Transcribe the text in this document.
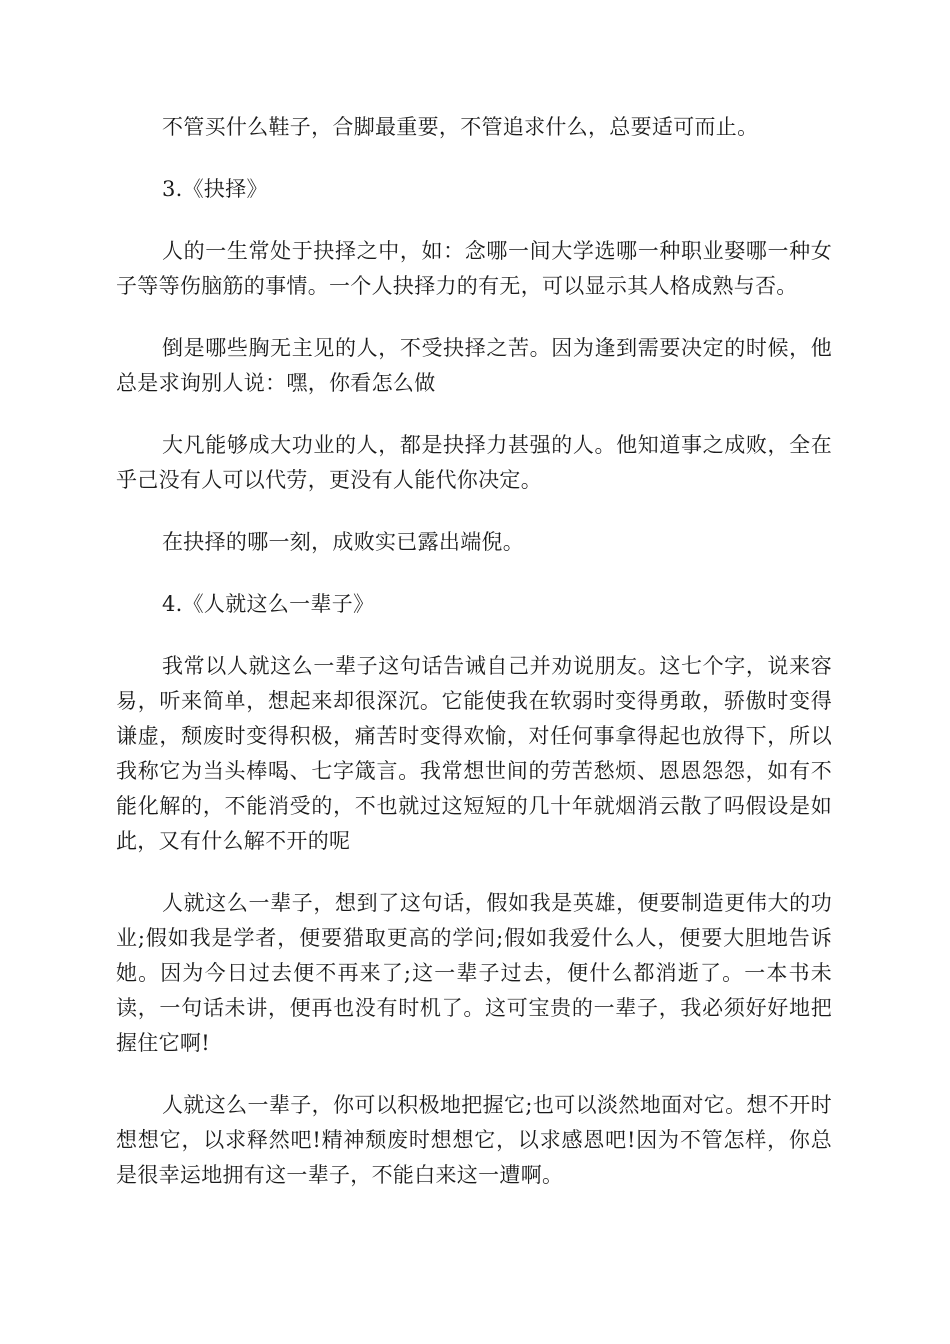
不管买什么鞋子，合脚最重要，不管追求什么，总要适可而止。

3.《抉择》

人的一生常处于抉择之中，如：念哪一间大学选哪一种职业娶哪一种女子等等伤脑筋的事情。一个人抉择力的有无，可以显示其人格成熟与否。

倒是哪些胸无主见的人，不受抉择之苦。因为逢到需要决定的时候，他总是求询别人说：嘿，你看怎么做

大凡能够成大功业的人，都是抉择力甚强的人。他知道事之成败，全在乎己没有人可以代劳，更没有人能代你决定。

在抉择的哪一刻，成败实已露出端倪。

4.《人就这么一辈子》

我常以人就这么一辈子这句话告诫自己并劝说朋友。这七个字，说来容易，听来简单，想起来却很深沉。它能使我在软弱时变得勇敢，骄傲时变得谦虚，颓废时变得积极，痛苦时变得欢愉，对任何事拿得起也放得下，所以我称它为当头棒喝、七字箴言。我常想世间的劳苦愁烦、恩恩怨怨，如有不能化解的，不能消受的，不也就过这短短的几十年就烟消云散了吗假设是如此，又有什么解不开的呢

人就这么一辈子，想到了这句话，假如我是英雄，便要制造更伟大的功业;假如我是学者，便要猎取更高的学问;假如我爱什么人，便要大胆地告诉她。因为今日过去便不再来了;这一辈子过去，便什么都消逝了。一本书未读，一句话未讲，便再也没有时机了。这可宝贵的一辈子，我必须好好地把握住它啊!

人就这么一辈子，你可以积极地把握它;也可以淡然地面对它。想不开时想想它，以求释然吧!精神颓废时想想它，以求感恩吧!因为不管怎样，你总是很幸运地拥有这一辈子，不能白来这一遭啊。
